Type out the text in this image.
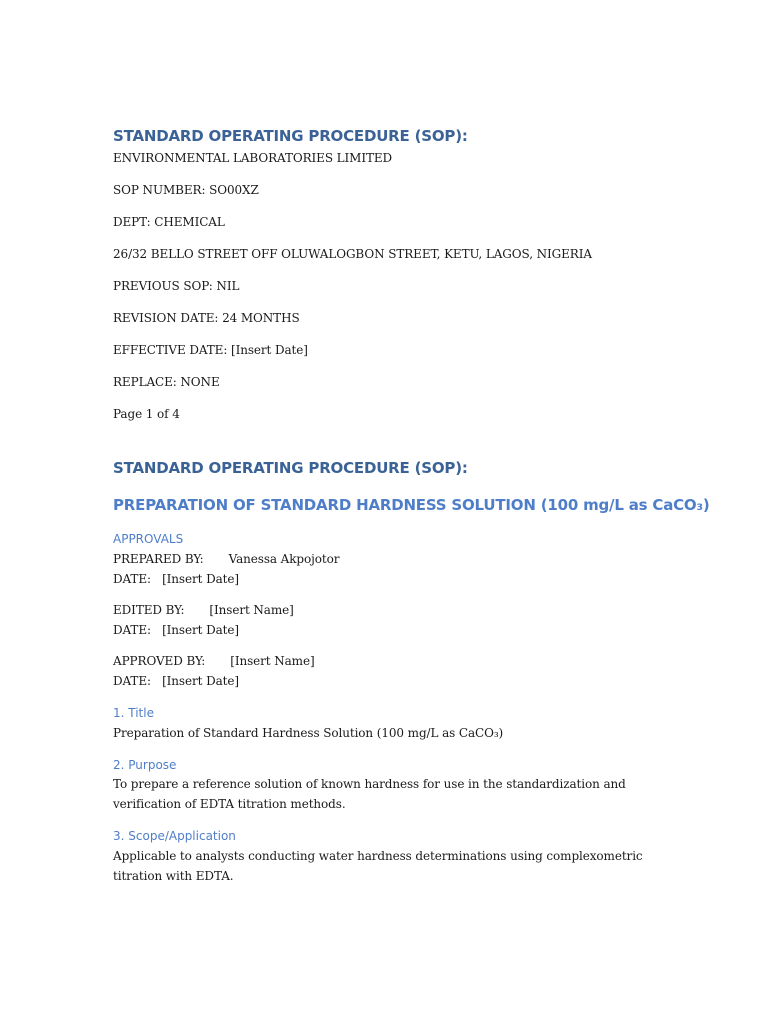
STANDARD OPERATING PROCEDURE (SOP):
ENVIRONMENTAL LABORATORIES LIMITED
SOP NUMBER: SO00XZ
DEPT: CHEMICAL
26/32 BELLO STREET OFF OLUWALOGBON STREET, KETU, LAGOS, NIGERIA
PREVIOUS SOP: NIL
REVISION DATE: 24 MONTHS
EFFECTIVE DATE: [Insert Date]
REPLACE: NONE
Page 1 of 4
STANDARD OPERATING PROCEDURE (SOP):
PREPARATION OF STANDARD HARDNESS SOLUTION (100 mg/L as CaCO₃)
APPROVALS
PREPARED BY: Vanessa Akpojotor
DATE:   [Insert Date]
EDITED BY: [Insert Name]
DATE:   [Insert Date]
APPROVED BY: [Insert Name]
DATE:   [Insert Date]
1. Title
Preparation of Standard Hardness Solution (100 mg/L as CaCO₃)
2. Purpose
To prepare a reference solution of known hardness for use in the standardization and verification of EDTA titration methods.
3. Scope/Application
Applicable to analysts conducting water hardness determinations using complexometric titration with EDTA.
